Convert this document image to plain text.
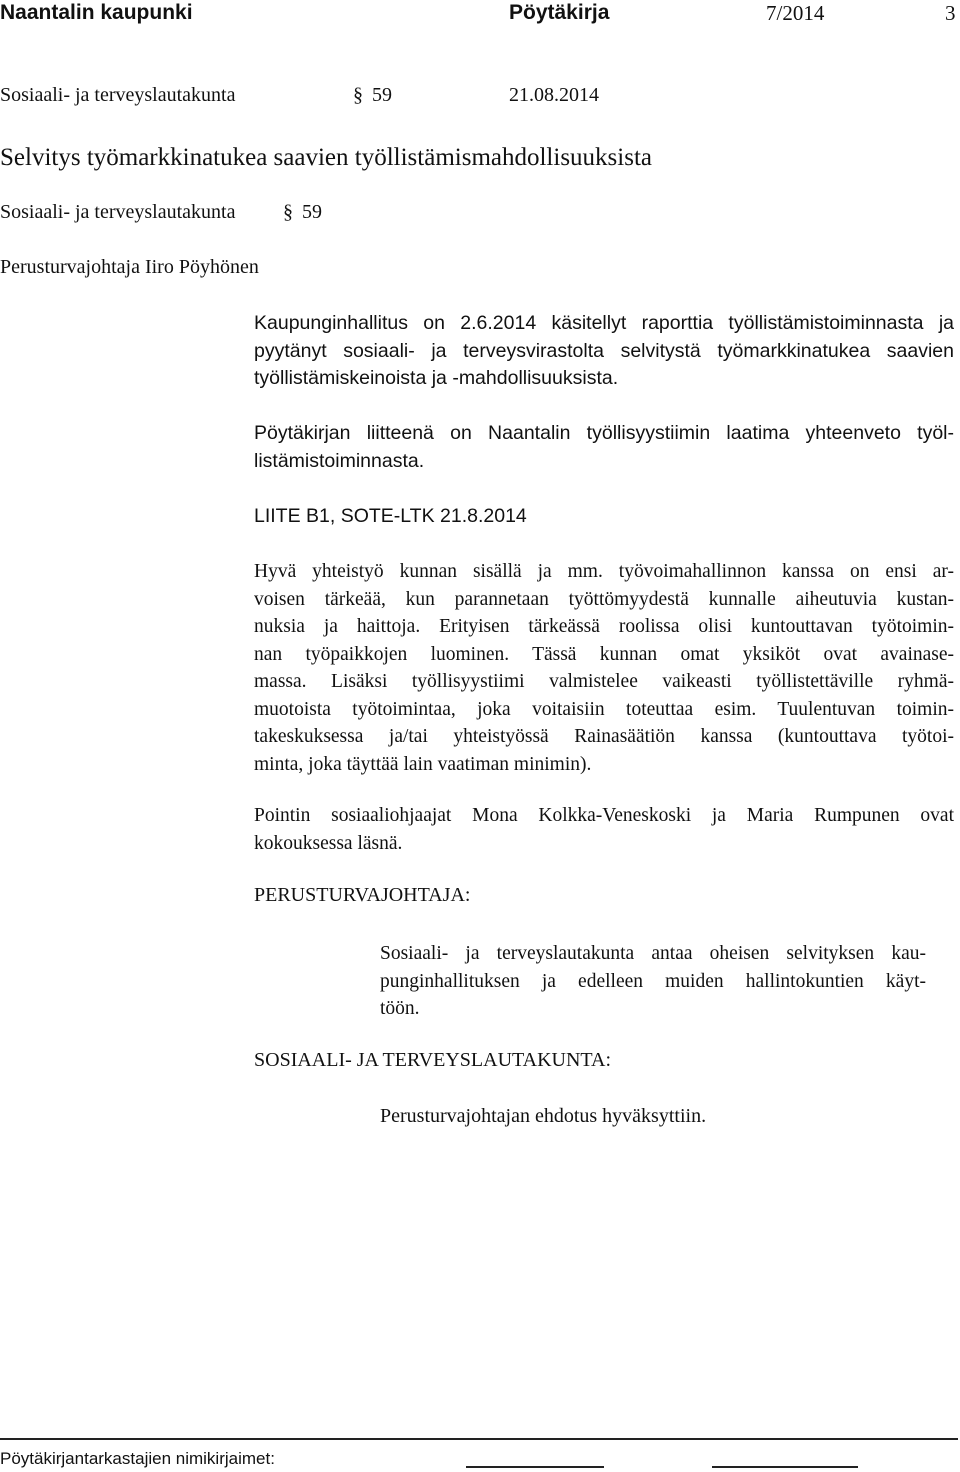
Naantalin kaupunki	Pöytäkirja	7/2014	3
Sosiaali- ja terveyslautakunta	§ 59	21.08.2014
Selvitys työmarkkinatukea saavien työllistämismahdollisuuksista
Sosiaali- ja terveyslautakunta § 59
Perusturvajohtaja Iiro Pöyhönen
Kaupunginhallitus on 2.6.2014 käsitellyt raporttia työllistämistoiminnasta ja
pyytänyt sosiaali- ja terveysvirastolta selvitystä työmarkkinatukea saavien
työllistämiskeinoista ja -mahdollisuuksista.
Pöytäkirjan liitteenä on Naantalin työllisyystiimin laatima yhteenveto työl-
listämistoiminnasta.
LIITE B1, SOTE-LTK 21.8.2014
Hyvä yhteistyö kunnan sisällä ja mm. työvoimahallinnon kanssa on ensi ar-
voisen tärkeää, kun parannetaan työttömyydestä kunnalle aiheutuvia kustan-
nuksia ja haittoja. Erityisen tärkeässä roolissa olisi kuntouttavan työtoimin-
nan työpaikkojen luominen. Tässä kunnan omat yksiköt ovat avainase-
massa. Lisäksi työllisyystiimi valmistelee vaikeasti työllistettäville ryhmä-
muotoista työtoimintaa, joka voitaisiin toteuttaa esim. Tuulentuvan toimin-
takeskuksessa ja/tai yhteistyössä Rainasäätiön kanssa (kuntouttava työtoi-
minta, joka täyttää lain vaatiman minimin).
Pointin sosiaaliohjaajat Mona Kolkka-Veneskoski ja Maria Rumpunen ovat
kokouksessa läsnä.
PERUSTURVAJOHTAJA:
Sosiaali- ja terveyslautakunta antaa oheisen selvityksen kau-
punginhallituksen ja edelleen muiden hallintokuntien käyt-
töön.
SOSIAALI- JA TERVEYSLAUTAKUNTA:
Perusturvajohtajan ehdotus hyväksyttiin.
Pöytäkirjantarkastajien nimikirjaimet:
